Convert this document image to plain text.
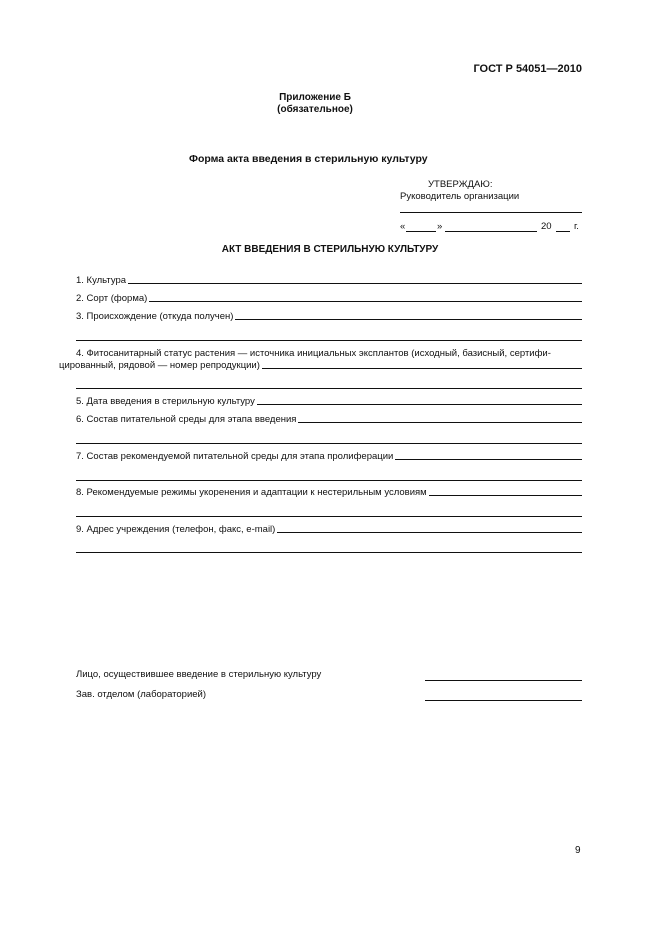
ГОСТ Р 54051—2010
Приложение Б
(обязательное)
Форма акта введения в стерильную культуру
УТВЕРЖДАЮ:
Руководитель организации
«	»	20 г.
АКТ ВВЕДЕНИЯ В СТЕРИЛЬНУЮ КУЛЬТУРУ
1. Культура
2. Сорт (форма)
3. Происхождение (откуда получен)
4. Фитосанитарный статус растения — источника инициальных эксплантов (исходный, базисный, сертифи-
цированный, рядовой — номер репродукции)
5. Дата введения в стерильную культуру
6. Состав питательной среды для этапа введения
7. Состав рекомендуемой питательной среды для этапа пролиферации
8. Рекомендуемые режимы укоренения и адаптации к нестерильным условиям
9. Адрес учреждения (телефон, факс, e-mail)
Лицо, осуществившее введение в стерильную культуру
Зав. отделом (лабораторией)
9
